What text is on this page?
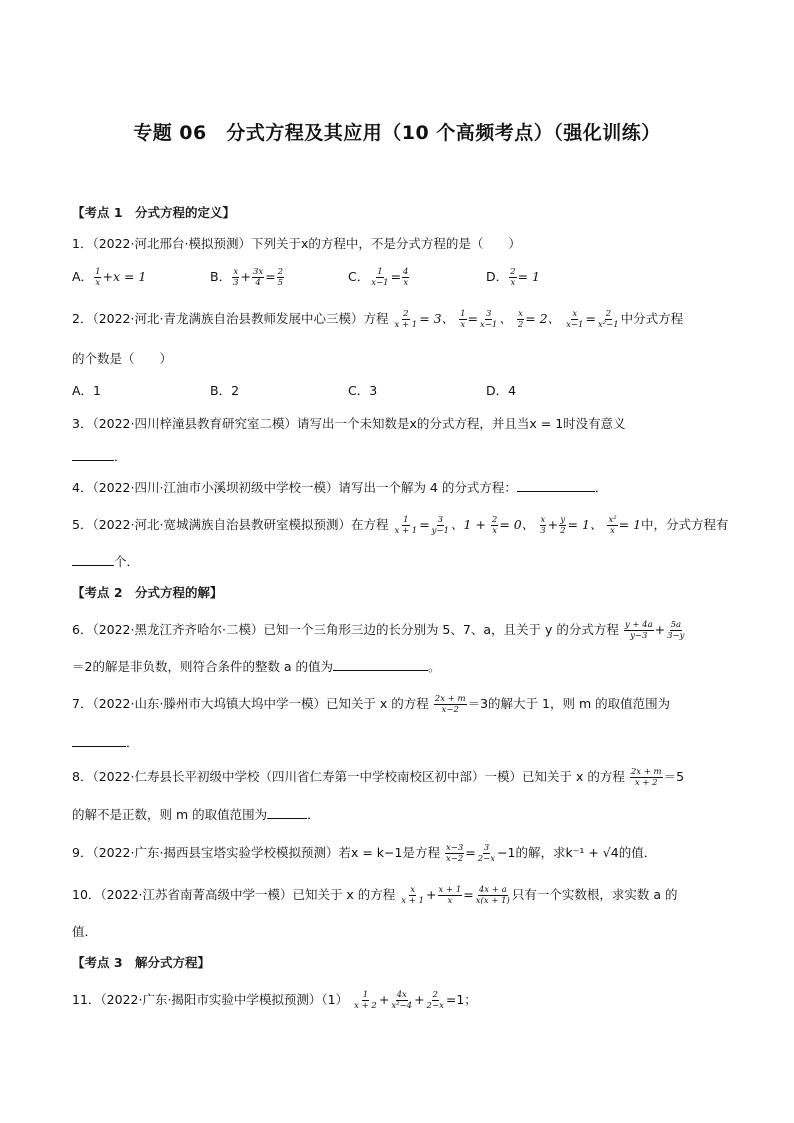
专题 06　分式方程及其应用（10 个高频考点）（强化训练）
【考点 1　分式方程的定义】
1．（2022·河北邢台·模拟预测）下列关于x的方程中，不是分式方程的是（　　）
A． $\frac{1}{x} +x = 1$	B． $\frac{x}{3} + \frac{3x}{4} = \frac{2}{5}$	C． $\frac{1}{x-1} = \frac{4}{x}$	D． $\frac{2}{x} = 1$
2．（2022·河北·青龙满族自治县教师发展中心三模）方程 $\frac{2}{x + 1} = 3$、 $\frac{1}{x} = \frac{3}{x-1}$ 、 $\frac{x}{2} = 2$、 $\frac{x}{x-1} = \frac{2}{\text{x²−1}}$ 中分式方程
的个数是（　　）
A．1	B．2	C．3	D．4
3．（2022·四川梓潼县教育研究室二模）请写出一个未知数是x的分式方程，并且当x = 1时没有意义
．
4．（2022·四川·江油市小溪坝初级中学校一模）请写出一个解为 4 的分式方程：	．
5．（2022·河北·宽城满族自治县教研室模拟预测）在方程 $\frac{1}{x + 1} = \frac{3}{y-1}$ 、$1 + \frac{2}{x} = 0$、 $\frac{x}{3} + \frac{y}{2} = 1$、 $\frac{\text{x²}}{x} = 1$中，分式方程有
个．
【考点 2　分式方程的解】
6．（2022·黑龙江齐齐哈尔·二模）已知一个三角形三边的长分别为 5、7、a，且关于 y 的分式方程 $\frac{y + 4a}{y-3} + \frac{5a}{3-y}$
＝2的解是非负数，则符合条件的整数 a 的值为	。
7．（2022·山东·滕州市大坞镇大坞中学一模）已知关于 x 的方程 $\frac{2x + m}{x-2} =3$的解大于 1，则 m 的取值范围为
．
8．（2022·仁寿县长平初级中学校（四川省仁寿第一中学校南校区初中部）一模）已知关于 x 的方程 $\frac{2x + m}{x + 2} =5$
的解不是正数，则 m 的取值范围为	．
9．（2022·广东·揭西县宝塔实验学校模拟预测）若x = k−1是方程 $\frac{x-3}{x-2} = \frac{3}{2-x} -1$的解，求k⁻¹ + √4的值．
10．（2022·江苏省南菁高级中学一模）已知关于 x 的方程 $\frac{x}{x + 1} + \frac{x + 1}{x} = \frac{4x + a}{x(x + 1)}$ 只有一个实数根，求实数 a 的
值．
【考点 3　解分式方程】
11．（2022·广东·揭阳市实验中学模拟预测）$(1) \frac{1}{x + 2} + \frac{4x}{\text{x²−4}} + \frac{2}{2-x} =1$；
